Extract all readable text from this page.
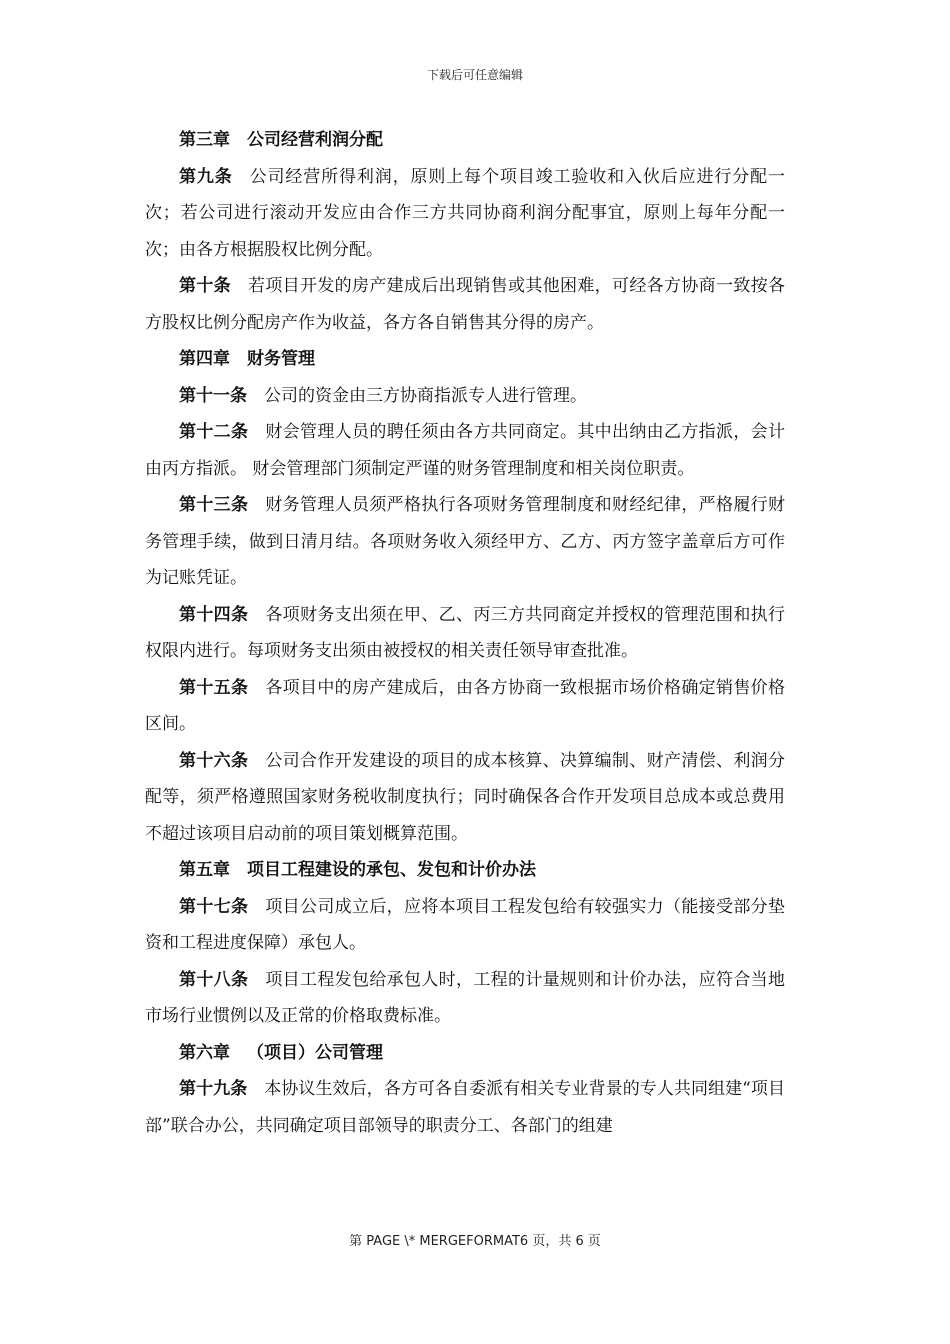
下载后可任意编辑

第三章 公司经营利润分配

第九条 公司经营所得利润，原则上每个项目竣工验收和入伙后应进行分配一次；若公司进行滚动开发应由合作三方共同协商利润分配事宜，原则上每年分配一次；由各方根据股权比例分配。

第十条 若项目开发的房产建成后出现销售或其他困难，可经各方协商一致按各方股权比例分配房产作为收益，各方各自销售其分得的房产。

第四章 财务管理

第十一条 公司的资金由三方协商指派专人进行管理。

第十二条 财会管理人员的聘任须由各方共同商定。其中出纳由乙方指派，会计由丙方指派。 财会管理部门须制定严谨的财务管理制度和相关岗位职责。

第十三条 财务管理人员须严格执行各项财务管理制度和财经纪律，严格履行财务管理手续，做到日清月结。各项财务收入须经甲方、乙方、丙方签字盖章后方可作为记账凭证。

第十四条 各项财务支出须在甲、乙、丙三方共同商定并授权的管理范围和执行权限内进行。每项财务支出须由被授权的相关责任领导审查批准。

第十五条 各项目中的房产建成后，由各方协商一致根据市场价格确定销售价格区间。

第十六条 公司合作开发建设的项目的成本核算、决算编制、财产清偿、利润分配等，须严格遵照国家财务税收制度执行；同时确保各合作开发项目总成本或总费用不超过该项目启动前的项目策划概算范围。

第五章 项目工程建设的承包、发包和计价办法

第十七条 项目公司成立后，应将本项目工程发包给有较强实力（能接受部分垫资和工程进度保障）承包人。

第十八条 项目工程发包给承包人时，工程的计量规则和计价办法，应符合当地市场行业惯例以及正常的价格取费标准。

第六章 （项目）公司管理

第十九条 本协议生效后，各方可各自委派有相关专业背景的专人共同组建“项目部”联合办公，共同确定项目部领导的职责分工、各部门的组建

第 PAGE \* MERGEFORMAT6 页，共 6 页
